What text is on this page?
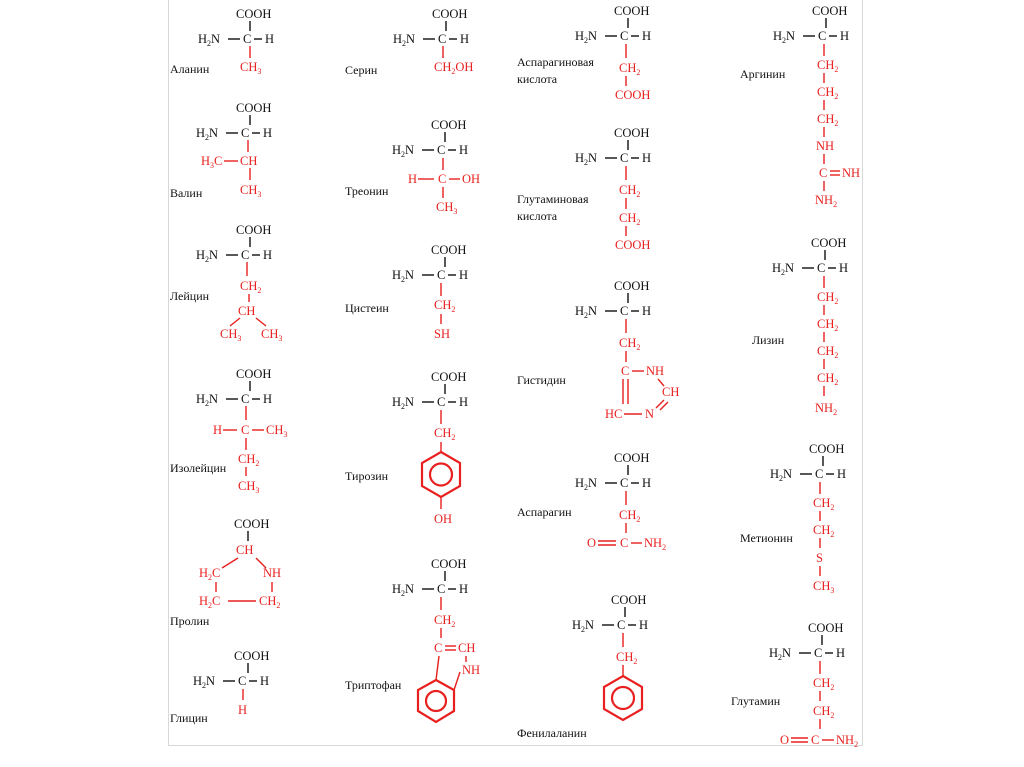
COOH
$H_2N$ C H
$CH_3$
Аланин
COOH
$H_2N$ C H
$H_3C$ CH
$CH_3$
Валин
COOH
$H_2N$ C H
$CH_2$
CH
$CH_3$ $CH_3$
Лейцин
COOH
$H_2N$ C H
H C $CH_3$
$CH_2$
$CH_3$
Изолейцин
COOH
CH
$H_2C$	NH
$H_2C$	$CH_2$
Пролин
COOH
$H_2N$ C H
H
Глицин
COOH
$H_2N$ C H
$CH_2OH$
Серин
COOH
$H_2N$ C H
H C OH
$CH_3$
Треонин
COOH
$H_2N$ C H
$CH_2$
SH
Цистеин
COOH
$H_2N$ C H
$CH_2$
OH
Тирозин
COOH
$H_2N$ C H
$CH_2$
C CH
NH
Триптофан
COOH
$H_2N$ C H
$CH_2$
COOH
Аспарагиновая
кислота
COOH
$H_2N$ C H
$CH_2$
$CH_2$
COOH
Глутаминовая
кислота
COOH
$H_2N$ C H
$CH_2$
C NH
CH
HC N
Гистидин
COOH
$H_2N$ C H
$CH_2$
O C $NH_2$
Аспарагин
COOH
$H_2N$ C H
$CH_2$
Фенилаланин
COOH
$H_2N$ C H
$CH_2$
$CH_2$
$CH_2$
NH
C NH
$NH_2$
Аргинин
COOH
$H_2N$ C H
$CH_2$
$CH_2$
$CH_2$
$CH_2$
$NH_2$
Лизин
COOH
$H_2N$ C H
$CH_2$
$CH_2$
S
$CH_3$
Метионин
COOH
$H_2N$ C H
$CH_2$
$CH_2$
O C $NH_2$
Глутамин
